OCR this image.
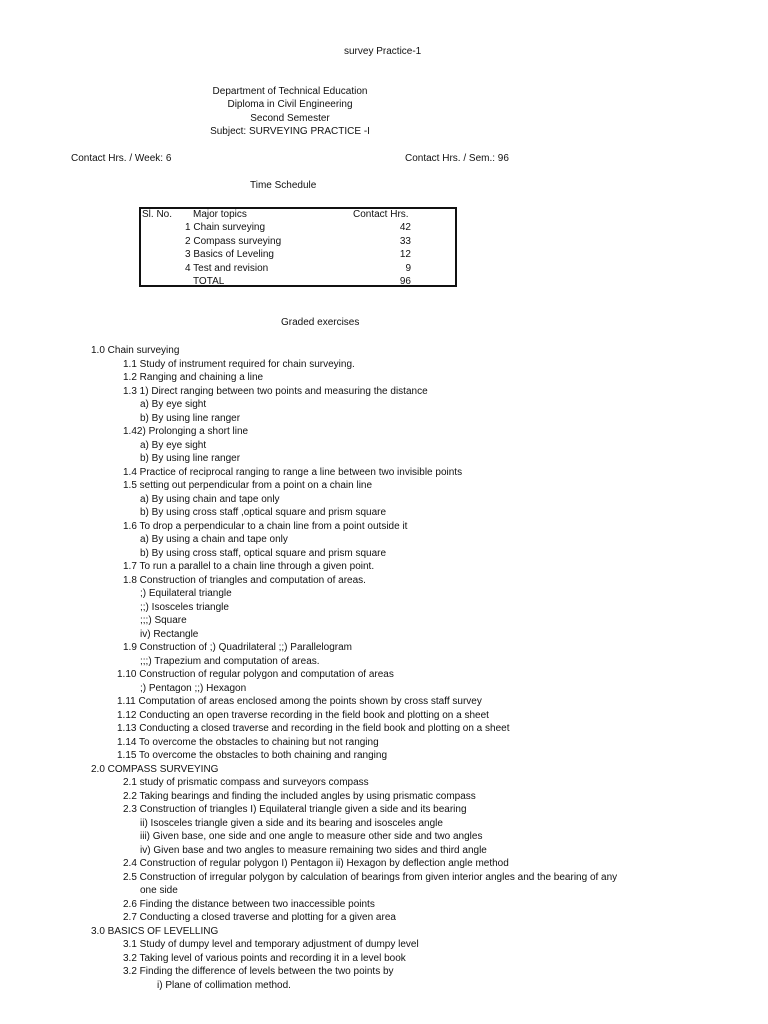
survey Practice-1
Department of Technical Education
Diploma in Civil Engineering
Second Semester
Subject: SURVEYING PRACTICE -I
Contact Hrs. / Week: 6	Contact Hrs. / Sem.: 96
Time Schedule
Sl. No. Major topics	Contact Hrs.
1 Chain surveying	42
2 Compass surveying	33
3 Basics of Leveling	12
4 Test and revision	9
TOTAL	96
Graded exercises
1.0 Chain surveying
1.1 Study of instrument required for chain surveying.
1.2 Ranging and chaining a line
1.3 1) Direct ranging between two points and measuring the distance
a) By eye sight
b) By using line ranger
1.42) Prolonging a short line
a) By eye sight
b) By using line ranger
1.4 Practice of reciprocal ranging to range a line between two invisible points
1.5 setting out perpendicular from a point on a chain line
a) By using chain and tape only
b) By using cross staff ,optical square and prism square
1.6 To drop a perpendicular to a chain line from a point outside it
a) By using a chain and tape only
b) By using cross staff, optical square and prism square
1.7 To run a parallel to a chain line through a given point.
1.8 Construction of triangles and computation of areas.
;) Equilateral triangle
;;) Isosceles triangle
;;;) Square
iv) Rectangle
1.9 Construction of ;) Quadrilateral ;;) Parallelogram
;;;) Trapezium and computation of areas.
1.10 Construction of regular polygon and computation of areas
;) Pentagon ;;) Hexagon
1.11 Computation of areas enclosed among the points shown by cross staff survey
1.12 Conducting an open traverse recording in the field book and plotting on a sheet
1.13 Conducting a closed traverse and recording in the field book and plotting on a sheet
1.14 To overcome the obstacles to chaining but not ranging
1.15 To overcome the obstacles to both chaining and ranging
2.0 COMPASS SURVEYING
2.1 study of prismatic compass and surveyors compass
2.2 Taking bearings and finding the included angles by using prismatic compass
2.3 Construction of triangles I) Equilateral triangle given a side and its bearing
ii) Isosceles triangle given a side and its bearing and isosceles angle
iii) Given base, one side and one angle to measure other side and two angles
iv) Given base and two angles to measure remaining two sides and third angle
2.4 Construction of regular polygon I) Pentagon ii) Hexagon by deflection angle method
2.5 Construction of irregular polygon by calculation of bearings from given interior angles and the bearing of any
one side
2.6 Finding the distance between two inaccessible points
2.7 Conducting a closed traverse and plotting for a given area
3.0 BASICS OF LEVELLING
3.1 Study of dumpy level and temporary adjustment of dumpy level
3.2 Taking level of various points and recording it in a level book
3.2 Finding the difference of levels between the two points by
i) Plane of collimation method.
